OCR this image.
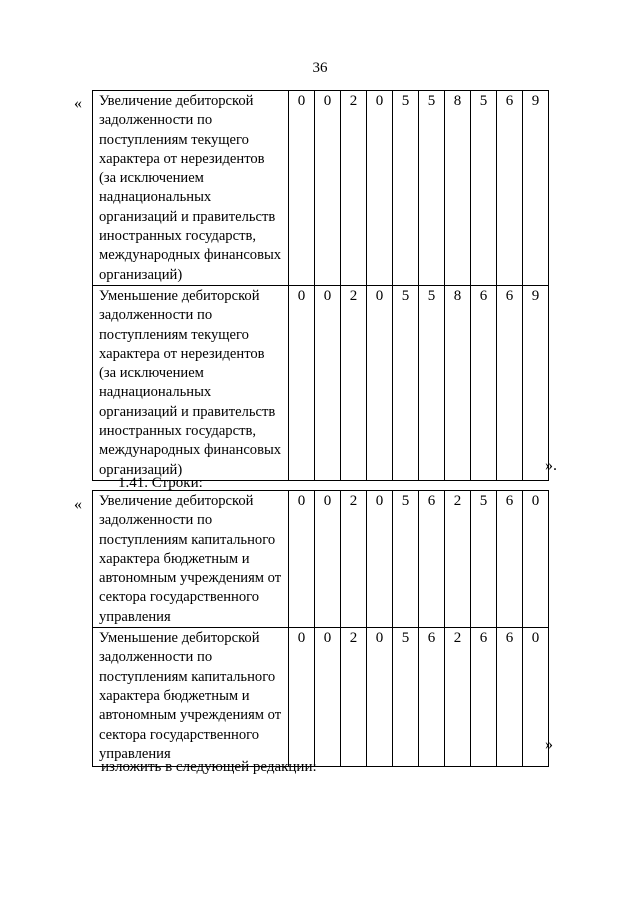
36
« Увеличение дебиторской задолженности по поступлениям текущего характера от нерезидентов (за исключением наднациональных организаций и правительств иностранных государств, международных финансовых организаций)	0	0	2	0	5	5	8	5	6	9
Уменьшение дебиторской задолженности по поступлениям текущего характера от нерезидентов (за исключением наднациональных организаций и правительств иностранных государств, международных финансовых организаций)	0	0	2	0	5	5	8	6	6	9
».
1.41. Строки:
« Увеличение дебиторской задолженности по поступлениям капитального характера бюджетным и автономным учреждениям от сектора государственного управления	0	0	2	0	5	6	2	5	6	0
Уменьшение дебиторской задолженности по поступлениям капитального характера бюджетным и автономным учреждениям от сектора государственного управления	0	0	2	0	5	6	2	6	6	0
»
изложить в следующей редакции:
